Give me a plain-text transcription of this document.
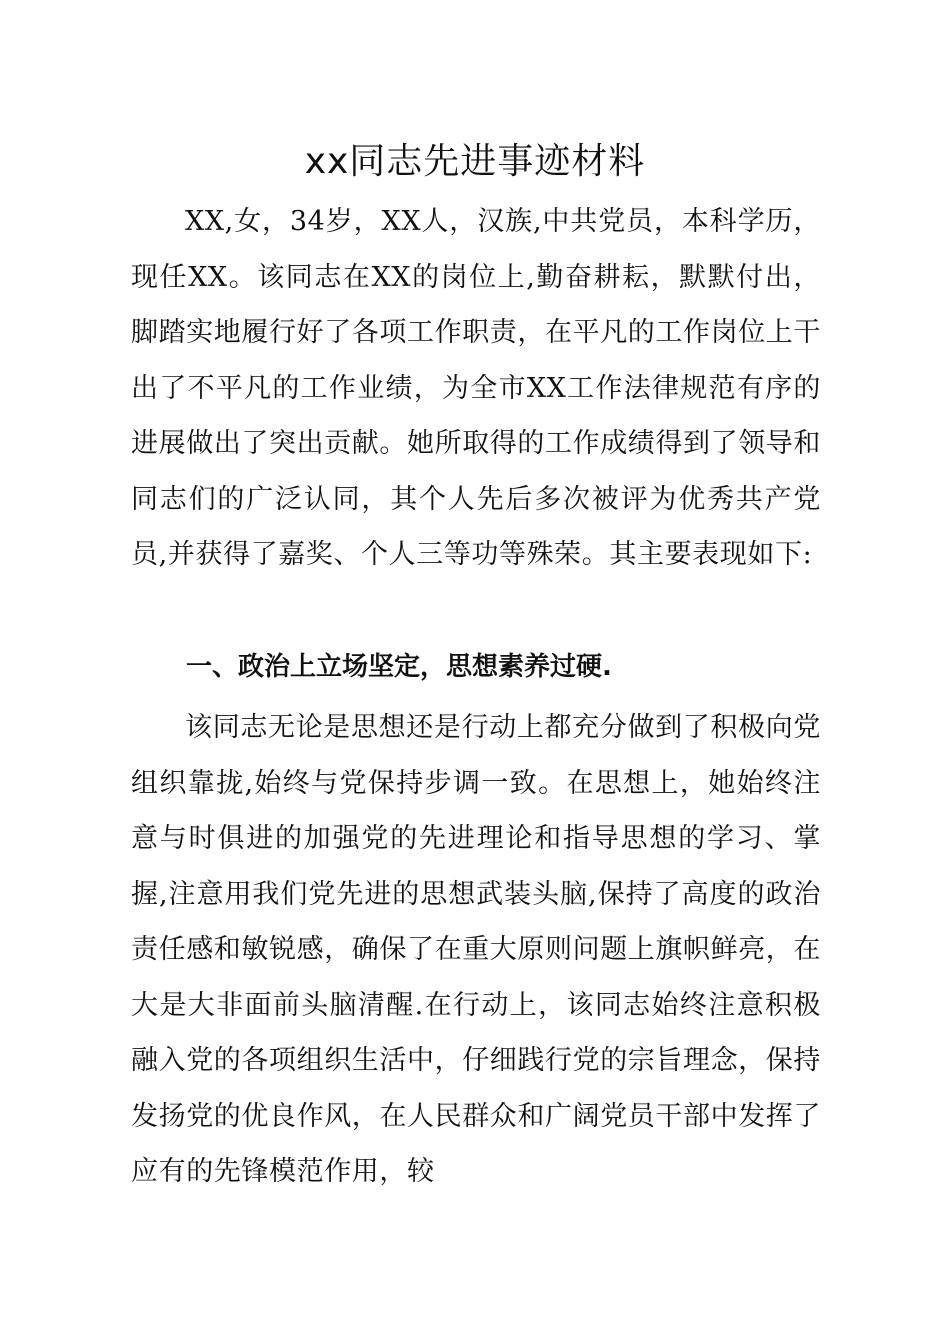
xx同志先进事迹材料

XX,女，34岁，XX人，汉族,中共党员，本科学历，现任XX。该同志在XX的岗位上,勤奋耕耘，默默付出，脚踏实地履行好了各项工作职责，在平凡的工作岗位上干出了不平凡的工作业绩，为全市XX工作法律规范有序的进展做出了突出贡献。她所取得的工作成绩得到了领导和同志们的广泛认同，其个人先后多次被评为优秀共产党员,并获得了嘉奖、个人三等功等殊荣。其主要表现如下:

一、政治上立场坚定，思想素养过硬.

该同志无论是思想还是行动上都充分做到了积极向党组织靠拢,始终与党保持步调一致。在思想上，她始终注意与时俱进的加强党的先进理论和指导思想的学习、掌握,注意用我们党先进的思想武装头脑,保持了高度的政治责任感和敏锐感，确保了在重大原则问题上旗帜鲜亮，在大是大非面前头脑清醒.在行动上，该同志始终注意积极融入党的各项组织生活中，仔细践行党的宗旨理念，保持发扬党的优良作风，在人民群众和广阔党员干部中发挥了应有的先锋模范作用，较
